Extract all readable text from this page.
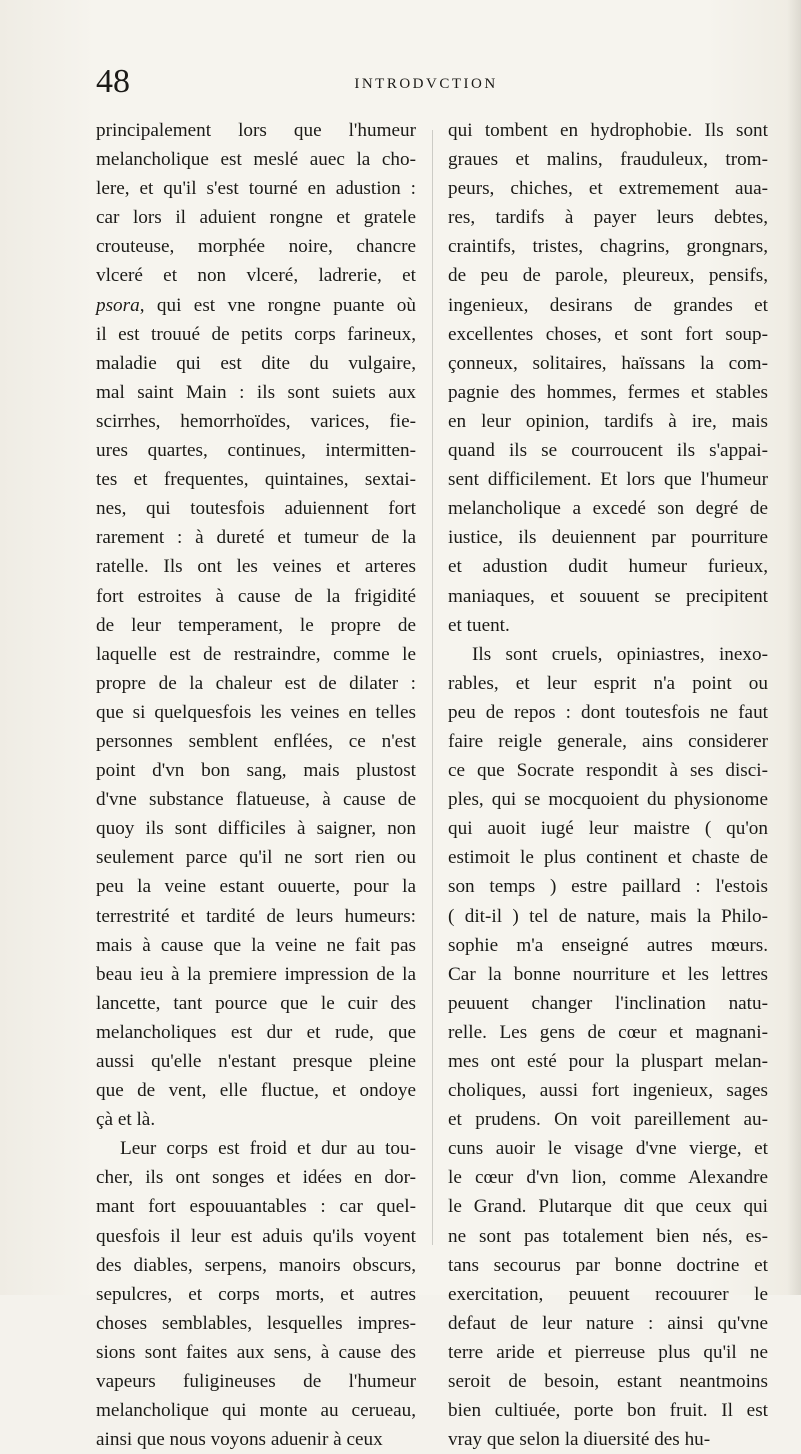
48	INTRODVCTION
principalement lors que l'humeur
melancholique est meslé auec la cho-
lere, et qu'il s'est tourné en adustion :
car lors il aduient rongne et gratele
crouteuse, morphée noire, chancre
vlceré et non vlceré, ladrerie, et
psora, qui est vne rongne puante où
il est trouué de petits corps farineux,
maladie qui est dite du vulgaire,
mal saint Main : ils sont suiets aux
scirrhes, hemorrhoïdes, varices, fie-
ures quartes, continues, intermitten-
tes et frequentes, quintaines, sextai-
nes, qui toutesfois aduiennent fort
rarement : à dureté et tumeur de la
ratelle. Ils ont les veines et arteres
fort estroites à cause de la frigidité
de leur temperament, le propre de
laquelle est de restraindre, comme le
propre de la chaleur est de dilater :
que si quelquesfois les veines en telles
personnes semblent enflées, ce n'est
point d'vn bon sang, mais plustost
d'vne substance flatueuse, à cause de
quoy ils sont difficiles à saigner, non
seulement parce qu'il ne sort rien ou
peu la veine estant ouuerte, pour la
terrestrité et tardité de leurs humeurs:
mais à cause que la veine ne fait pas
beau ieu à la premiere impression de la
lancette, tant pource que le cuir des
melancholiques est dur et rude, que
aussi qu'elle n'estant presque pleine
que de vent, elle fluctue, et ondoye
çà et là.
Leur corps est froid et dur au tou-
cher, ils ont songes et idées en dor-
mant fort espouuantables : car quel-
quesfois il leur est aduis qu'ils voyent
des diables, serpens, manoirs obscurs,
sepulcres, et corps morts, et autres
choses semblables, lesquelles impres-
sions sont faites aux sens, à cause des
vapeurs fuligineuses de l'humeur
melancholique qui monte au cerueau,
ainsi que nous voyons aduenir à ceux
qui tombent en hydrophobie. Ils sont
graues et malins, frauduleux, trom-
peurs, chiches, et extremement aua-
res, tardifs à payer leurs debtes,
craintifs, tristes, chagrins, grongnars,
de peu de parole, pleureux, pensifs,
ingenieux, desirans de grandes et
excellentes choses, et sont fort soup-
çonneux, solitaires, haïssans la com-
pagnie des hommes, fermes et stables
en leur opinion, tardifs à ire, mais
quand ils se courroucent ils s'appai-
sent difficilement. Et lors que l'humeur
melancholique a excedé son degré de
iustice, ils deuiennent par pourriture
et adustion dudit humeur furieux,
maniaques, et souuent se precipitent
et tuent.
Ils sont cruels, opiniastres, inexo-
rables, et leur esprit n'a point ou
peu de repos : dont toutesfois ne faut
faire reigle generale, ains considerer
ce que Socrate respondit à ses disci-
ples, qui se mocquoient du physionome
qui auoit iugé leur maistre ( qu'on
estimoit le plus continent et chaste de
son temps ) estre paillard : l'estois
( dit-il ) tel de nature, mais la Philo-
sophie m'a enseigné autres mœurs.
Car la bonne nourriture et les lettres
peuuent changer l'inclination natu-
relle. Les gens de cœur et magnani-
mes ont esté pour la pluspart melan-
choliques, aussi fort ingenieux, sages
et prudens. On voit pareillement au-
cuns auoir le visage d'vne vierge, et
le cœur d'vn lion, comme Alexandre
le Grand. Plutarque dit que ceux qui
ne sont pas totalement bien nés, es-
tans secourus par bonne doctrine et
exercitation, peuuent recouurer le
defaut de leur nature : ainsi qu'vne
terre aride et pierreuse plus qu'il ne
seroit de besoin, estant neantmoins
bien cultiuée, porte bon fruit. Il est
vray que selon la diuersité des hu-
